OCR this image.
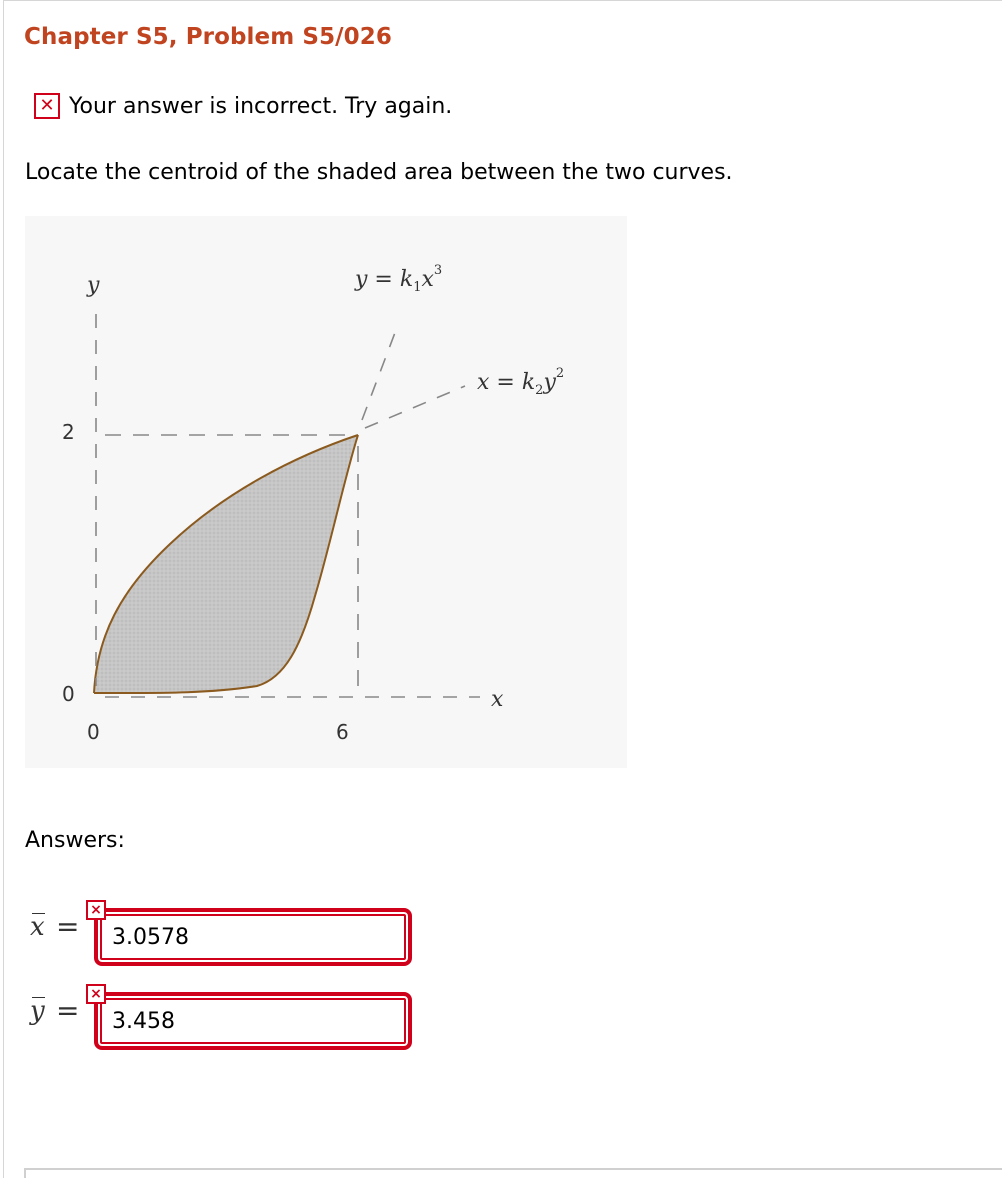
Chapter S5, Problem S5/026
✕ Your answer is incorrect. Try again.
Locate the centroid of the shaded area between the two curves.
y
x
2
0
0	6
$y = k_1x^3$
$x = k_2y^2$
Answers:
x = ×
3.0578
y = ×
3.458
